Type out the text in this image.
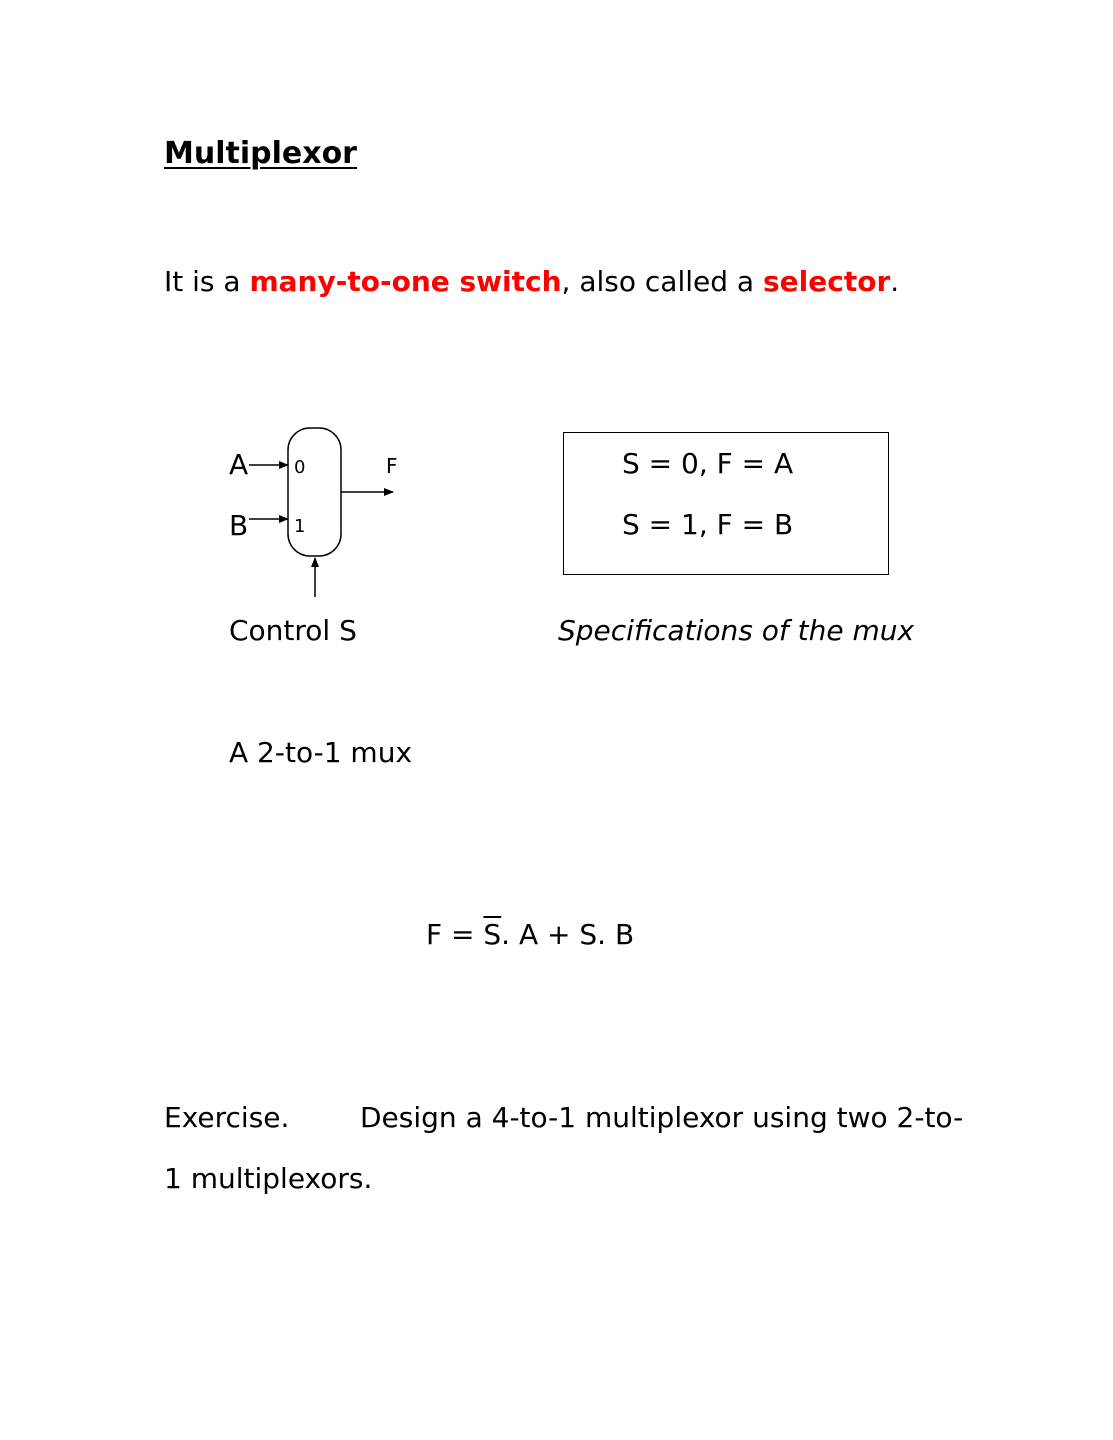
Multiplexor
It is a many-to-one switch, also called a selector.
A	0
B	1
F	S = 0, F = A
S = 1, F = B
Control S	Specifications of the mux
A 2-to-1 mux
$F = \overline{S}$. A + S. B
Exercise.	Design a 4-to-1 multiplexor using two 2-to-
1 multiplexors.
